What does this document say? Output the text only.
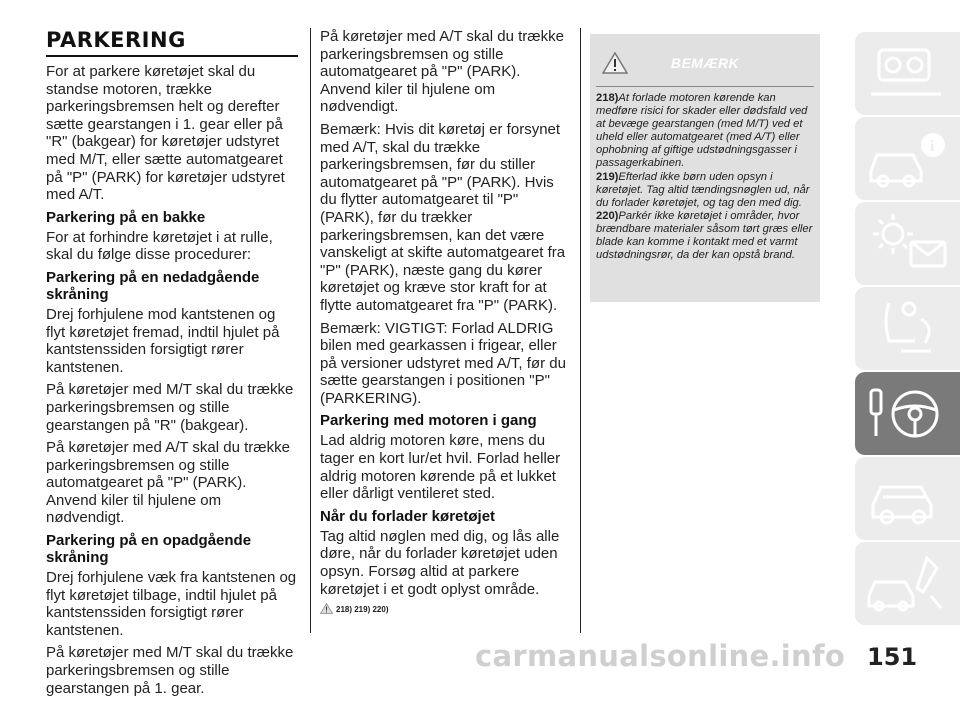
PARKERING

For at parkere køretøjet skal du standse motoren, trække parkeringsbremsen helt og derefter sætte gearstangen i 1. gear eller på "R" (bakgear) for køretøjer udstyret med M/T, eller sætte automatgearet på "P" (PARK) for køretøjer udstyret med A/T.

Parkering på en bakke

For at forhindre køretøjet i at rulle, skal du følge disse procedurer:

Parkering på en nedadgående skråning

Drej forhjulene mod kantstenen og flyt køretøjet fremad, indtil hjulet på kantstenssiden forsigtigt rører kantstenen.

På køretøjer med M/T skal du trække parkeringsbremsen og stille gearstangen på "R" (bakgear).

På køretøjer med A/T skal du trække parkeringsbremsen og stille automatgearet på "P" (PARK). Anvend kiler til hjulene om nødvendigt.

Parkering på en opadgående skråning

Drej forhjulene væk fra kantstenen og flyt køretøjet tilbage, indtil hjulet på kantstenssiden forsigtigt rører kantstenen.

På køretøjer med M/T skal du trække parkeringsbremsen og stille gearstangen på 1. gear.

På køretøjer med A/T skal du trække parkeringsbremsen og stille automatgearet på "P" (PARK). Anvend kiler til hjulene om nødvendigt.

Bemærk: Hvis dit køretøj er forsynet med A/T, skal du trække parkeringsbremsen, før du stiller automatgearet på "P" (PARK). Hvis du flytter automatgearet til "P" (PARK), før du trækker parkeringsbremsen, kan det være vanskeligt at skifte automatgearet fra "P" (PARK), næste gang du kører køretøjet og kræve stor kraft for at flytte automatgearet fra "P" (PARK).

Bemærk: VIGTIGT: Forlad ALDRIG bilen med gearkassen i frigear, eller på versioner udstyret med A/T, før du sætte gearstangen i positionen "P" (PARKERING).

Parkering med motoren i gang

Lad aldrig motoren køre, mens du tager en kort lur/et hvil. Forlad heller aldrig motoren kørende på et lukket eller dårligt ventileret sted.

Når du forlader køretøjet

Tag altid nøglen med dig, og lås alle døre, når du forlader køretøjet uden opsyn. Forsøg altid at parkere køretøjet i et godt oplyst område.

218) 219) 220)
BEMÆRK

218)At forlade motoren kørende kan medføre risici for skader eller dødsfald ved at bevæge gearstangen (med M/T) ved et uheld eller automatgearet (med A/T) eller ophobning af giftige udstødningsgasser i passagerkabinen.

219)Efterlad ikke børn uden opsyn i køretøjet. Tag altid tændingsnøglen ud, når du forlader køretøjet, og tag den med dig.

220)Parkér ikke køretøjet i områder, hvor brændbare materialer såsom tørt græs eller blade kan komme i kontakt med et varmt udstødningsrør, da der kan opstå brand.

i
151
carmanualsonline.info
